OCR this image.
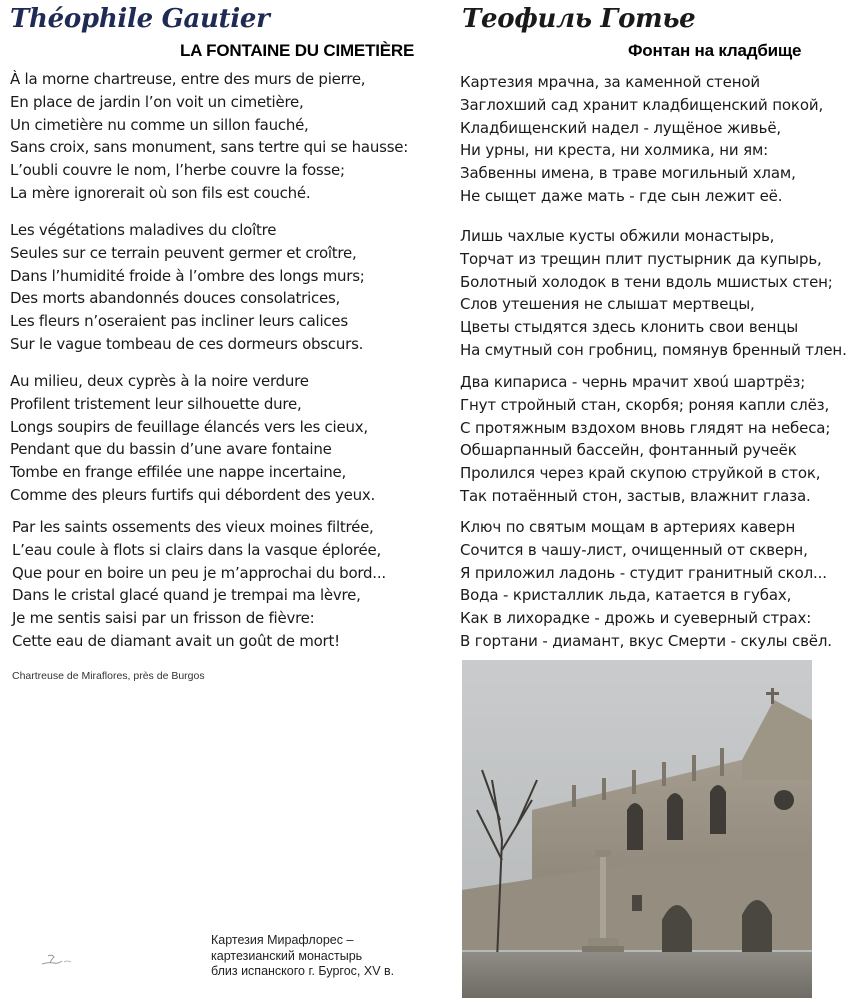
Théophile Gautier
LA FONTAINE DU CIMETIÈRE
Теофиль Готье
Фонтан на кладбище
À la morne chartreuse, entre des murs de pierre,
En place de jardin l’on voit un cimetière,
Un cimetière nu comme un sillon fauché,
Sans croix, sans monument, sans tertre qui se hausse:
L’oubli couvre le nom, l’herbe couvre la fosse;
La mère ignorerait où son fils est couché.
Les végétations maladives du cloître
Seules sur ce terrain peuvent germer et croître,
Dans l’humidité froide à l’ombre des longs murs;
Des morts abandonnés douces consolatrices,
Les fleurs n’oseraient pas incliner leurs calices
Sur le vague tombeau de ces dormeurs obscurs.
Au milieu, deux cyprès à la noire verdure
Profilent tristement leur silhouette dure,
Longs soupirs de feuillage élancés vers les cieux,
Pendant que du bassin d’une avare fontaine
Tombe en frange effilée une nappe incertaine,
Comme des pleurs furtifs qui débordent des yeux.
Par les saints ossements des vieux moines filtrée,
L’eau coule à flots si clairs dans la vasque éplorée,
Que pour en boire un peu je m’approchai du bord...
Dans le cristal glacé quand je trempai ma lèvre,
Je me sentis saisi par un frisson de fièvre:
Cette eau de diamant avait un goût de mort!
Chartreuse de Miraflores, près de Burgos
Картезия мрачна, за каменной стеной
Заглохший сад хранит кладбищенский покой,
Кладбищенский надел - лущёное живьё,
Ни урны, ни креста, ни холмика, ни ям:
Забвенны имена, в траве могильный хлам,
Не сыщет даже мать - где сын лежит её.
Лишь чахлые кусты обжили монастырь,
Торчат из трещин плит пустырник да купырь,
Болотный холодок в тени вдоль мшистых стен;
Слов утешения не слышат мертвецы,
Цветы стыдятся здесь клонить свои венцы
На смутный сон гробниц, помянув бренный тлен.
Два кипариса - чернь мрачит хвоú шартрёз;
Гнут стройный стан, скорбя; роняя капли слёз,
С протяжным вздохом вновь глядят на небеса;
Обшарпанный бассейн, фонтанный ручеёк
Пролился через край скупою струйкой в сток,
Так потаённый стон, застыв, влажнит глаза.
Ключ по святым мощам в артериях каверн
Сочится в чашу-лист, очищенный от скверн,
Я приложил ладонь - студит гранитный скол...
Вода - кристаллик льда, катается в губах,
Как в лихорадке - дрожь и суеверный страх:
В гортани - диамант, вкус Смерти - скулы свёл.
Картезия Мирафлорес –
картезианский монастырь
близ испанского г. Бургос, XV в.
